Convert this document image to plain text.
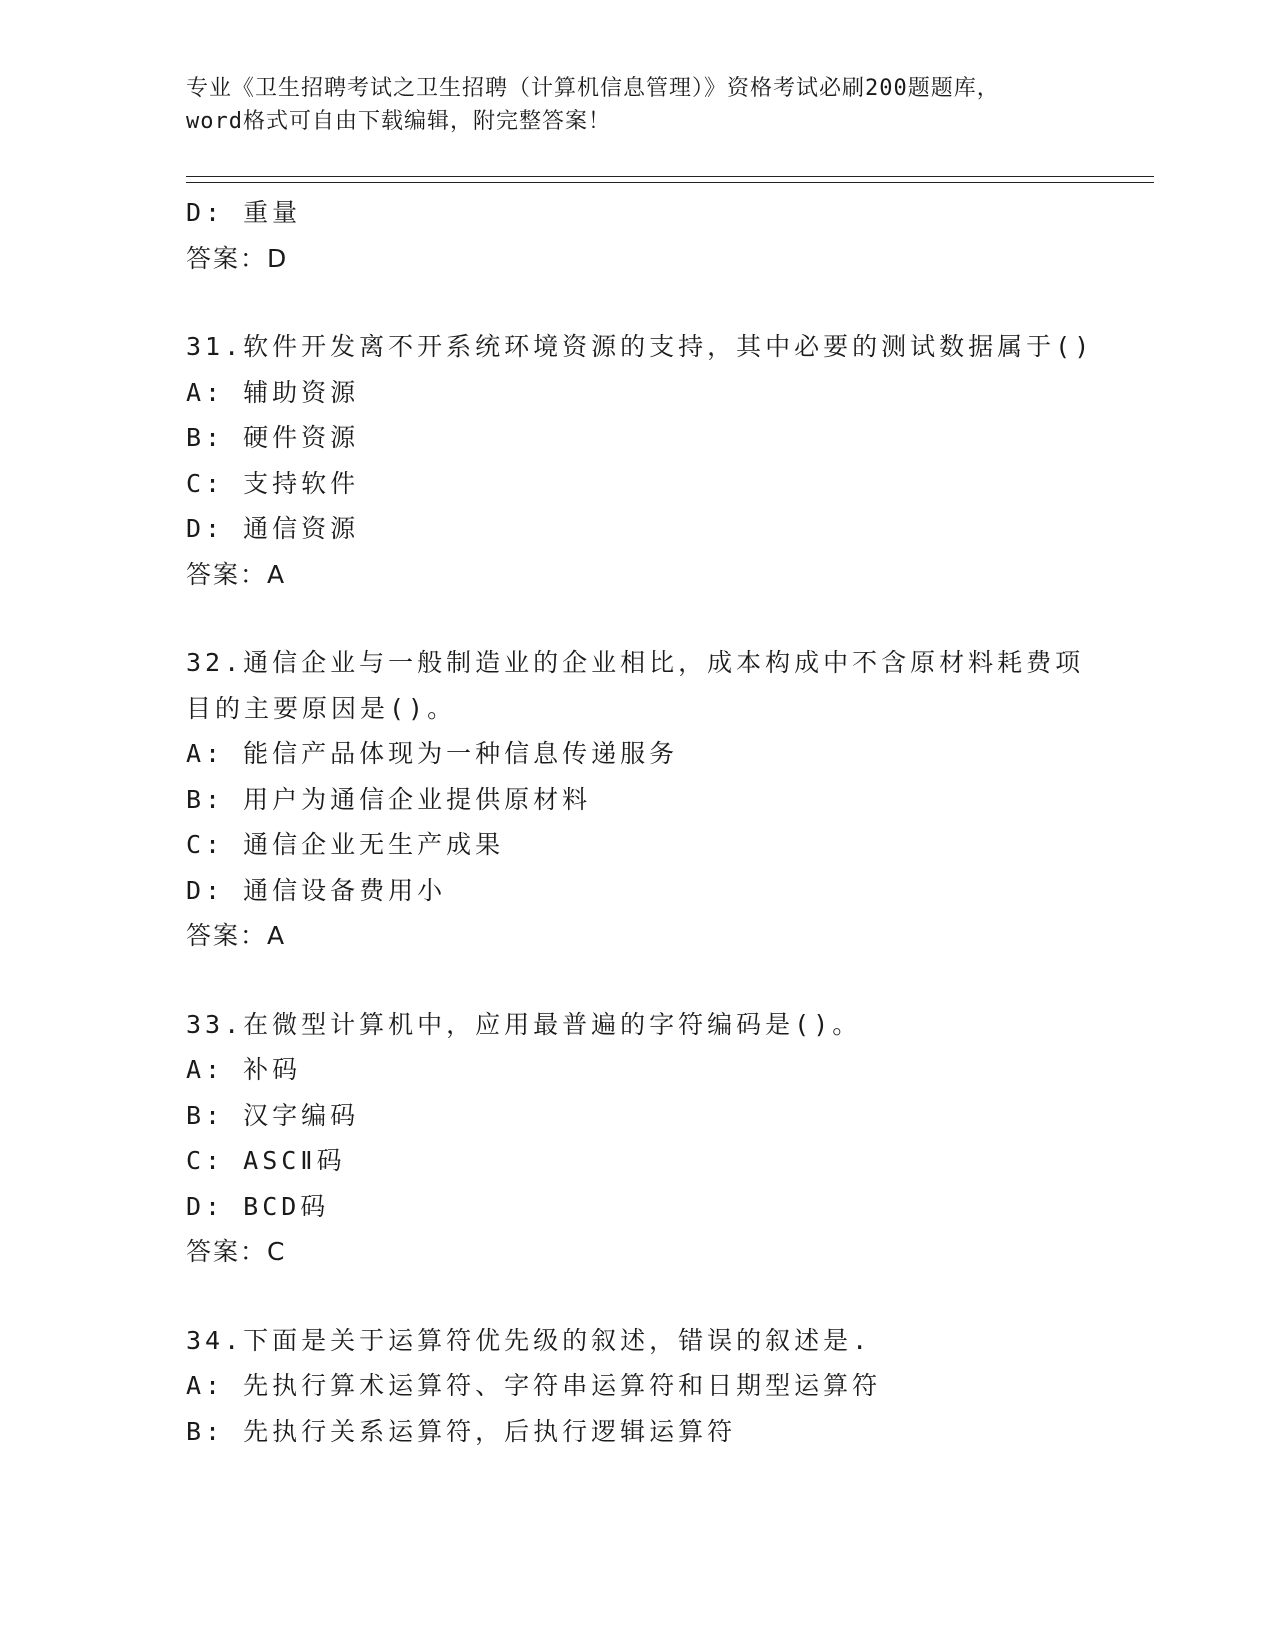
专业《卫生招聘考试之卫生招聘（计算机信息管理）》资格考试必刷200题题库，
word格式可自由下载编辑，附完整答案！
D: 重量
答案：D
31.软件开发离不开系统环境资源的支持，其中必要的测试数据属于()
A: 辅助资源
B: 硬件资源
C: 支持软件
D: 通信资源
答案：A
32.通信企业与一般制造业的企业相比，成本构成中不含原材料耗费项
目的主要原因是()。
A: 能信产品体现为一种信息传递服务
B: 用户为通信企业提供原材料
C: 通信企业无生产成果
D: 通信设备费用小
答案：A
33.在微型计算机中，应用最普遍的字符编码是()。
A: 补码
B: 汉字编码
C: ASCⅡ码
D: BCD码
答案：C
34.下面是关于运算符优先级的叙述，错误的叙述是.
A: 先执行算术运算符、字符串运算符和日期型运算符
B: 先执行关系运算符，后执行逻辑运算符
